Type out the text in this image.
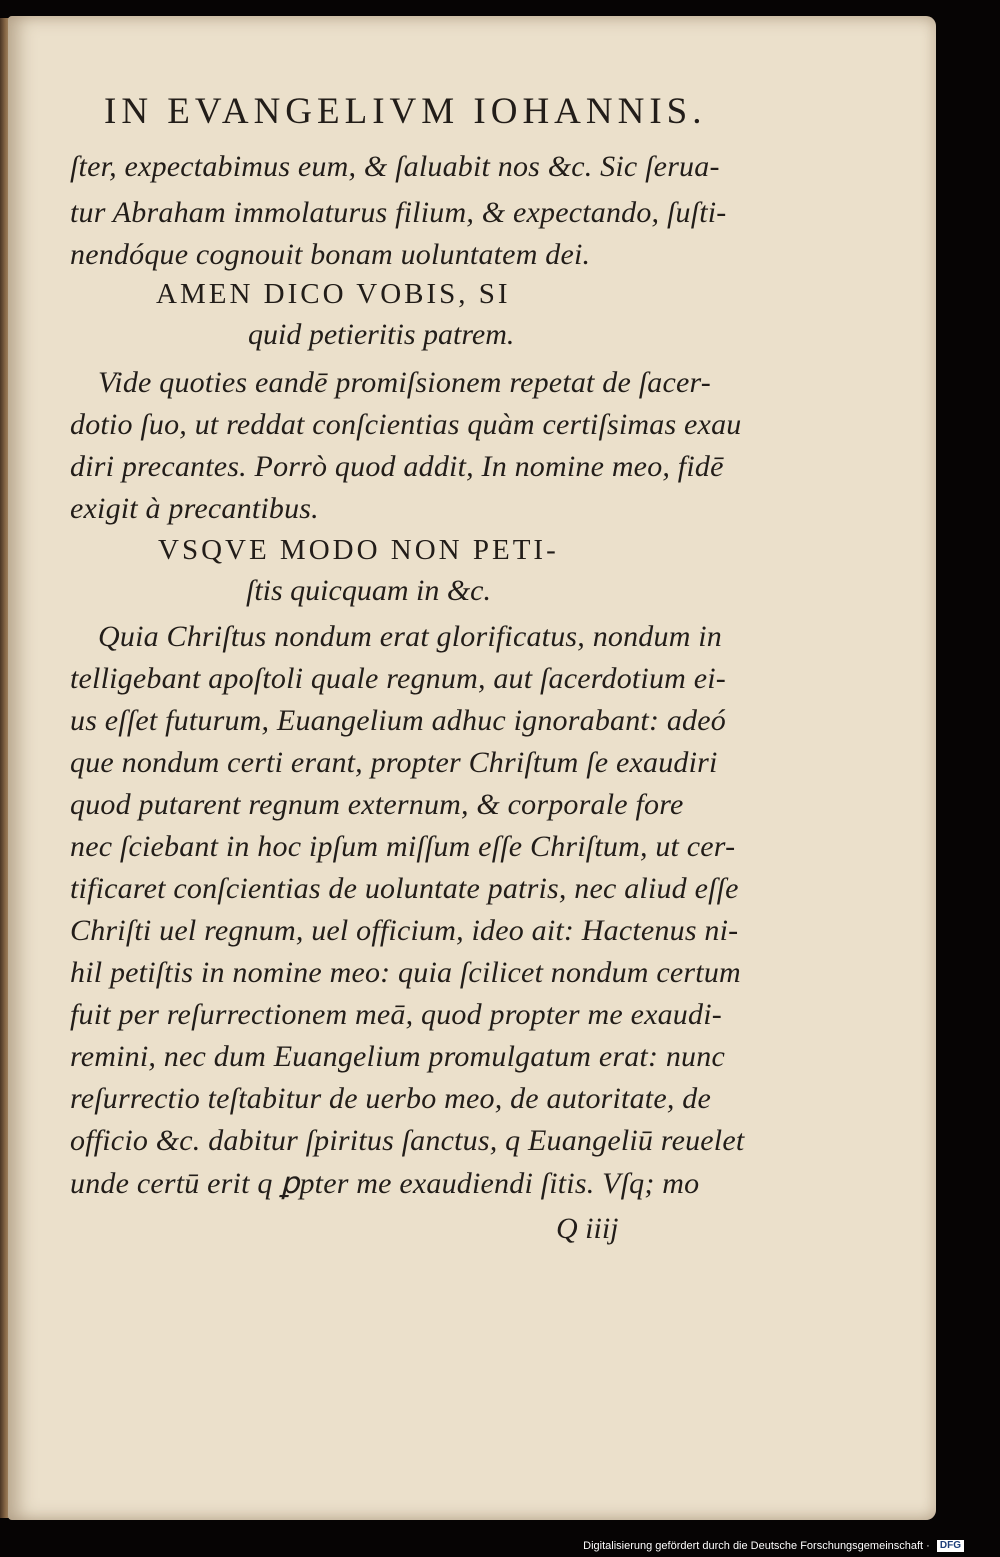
IN EVANGELIVM IOHANNIS.
ſter, expectabimus eum, & ſaluabit nos &c. Sic ſerua-
tur Abraham immolaturus filium, & expectando, ſuſti-
nendóque cognouit bonam uoluntatem dei.
AMEN DICO VOBIS, SI
quid petieritis patrem.
Vide quoties eandē promiſsionem repetat de ſacer-
dotio ſuo, ut reddat conſcientias quàm certiſsimas exau
diri precantes. Porrò quod addit, In nomine meo, fidē
exigit à precantibus.
VSQVE MODO NON PETI-
ſtis quicquam in &c.
Quia Chriſtus nondum erat glorificatus, nondum in
telligebant apoſtoli quale regnum, aut ſacerdotium ei-
us eſſet futurum, Euangelium adhuc ignorabant: adeó
que nondum certi erant, propter Chriſtum ſe exaudiri
quod putarent regnum externum, & corporale fore
nec ſciebant in hoc ipſum miſſum eſſe Chriſtum, ut cer-
tificaret conſcientias de uoluntate patris, nec aliud eſſe
Chriſti uel regnum, uel officium, ideo ait: Hactenus ni-
hil petiſtis in nomine meo: quia ſcilicet nondum certum
fuit per reſurrectionem meā, quod propter me exaudi-
remini, nec dum Euangelium promulgatum erat: nunc
reſurrectio teſtabitur de uerbo meo, de autoritate, de
officio &c. dabitur ſpiritus ſanctus, q Euangeliū reuelet
unde certū erit q ꝑpter me exaudiendi ſitis. Vſq; mo
Q iiij
Digitalisierung gefördert durch die Deutsche Forschungsgemeinschaft · DFG
